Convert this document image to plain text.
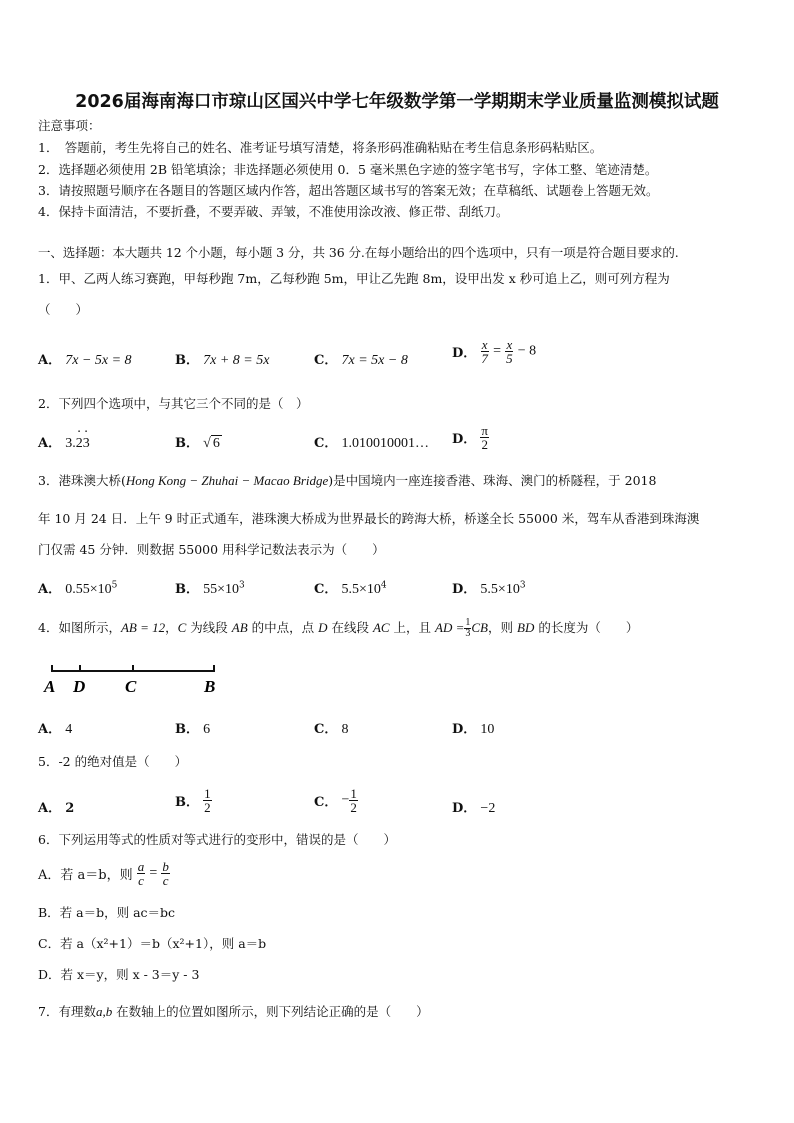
2026届海南海口市琼山区国兴中学七年级数学第一学期期末学业质量监测模拟试题
注意事项：
1．　答题前，考生先将自己的姓名、准考证号填写清楚，将条形码准确粘贴在考生信息条形码粘贴区。
2．选择题必须使用 2B 铅笔填涂；非选择题必须使用 0．5 毫米黑色字迹的签字笔书写，字体工整、笔迹清楚。
3．请按照题号顺序在各题目的答题区域内作答，超出答题区域书写的答案无效；在草稿纸、试题卷上答题无效。
4．保持卡面清洁，不要折叠，不要弄破、弄皱，不准使用涂改液、修正带、刮纸刀。
一、选择题：本大题共 12 个小题，每小题 3 分，共 36 分.在每小题给出的四个选项中，只有一项是符合题目要求的.
1．甲、乙两人练习赛跑，甲每秒跑 7m，乙每秒跑 5m，甲让乙先跑 8m，设甲出发 x 秒可追上乙，则可列方程为
（　　）
A． 7x − 5x = 8	B． 7x + 8 = 5x	C． 7x = 5x − 8	D． $\frac{x}{7} = \frac{x}{5} - 8$
2．下列四个选项中，与其它三个不同的是（　）
A． 3.2 ·3 ·	B． √ 6	C． 1.010010001… D． $\frac{\pi}{2}$
3．港珠澳大桥(Hong Kong − Zhuhai − Macao Bridge)是中国境内一座连接香港、珠海、澳门的桥隧程，于 2018
年 10 月 24 日．上午 9 时正式通车，港珠澳大桥成为世界最长的跨海大桥，桥遂全长 55000 米，驾车从香港到珠海澳
门仅需 45 分钟．则数据 55000 用科学记数法表示为（　　）
A． $0.55\times 10^5$	B． $55\times 10^3$	C． $5.5\times 10^4$	D． $5.5\times 10^3$
4．如图所示，AB = 12，C 为线段 AB 的中点，点 D 在线段 AC 上，且 AD = $\frac{1}{3}$ CB，则 BD 的长度为（　　）
A D C	B
A． 4	B． 6	C． 8	D． 10
5．-2 的绝对值是（　　）
A． 2	B． $\frac{1}{2}$	C． − $\frac{1}{2}$	D． −2
6．下列运用等式的性质对等式进行的变形中，错误的是（　　）
A．若 a＝b，则 $\frac{a}{c} = \frac{b}{c}$
B．若 a＝b，则 ac＝bc
C．若 a（x²+1）＝b（x²+1），则 a＝b
D．若 x＝y，则 x - 3＝y - 3
7．有理数a,b 在数轴上的位置如图所示，则下列结论正确的是（　　）
